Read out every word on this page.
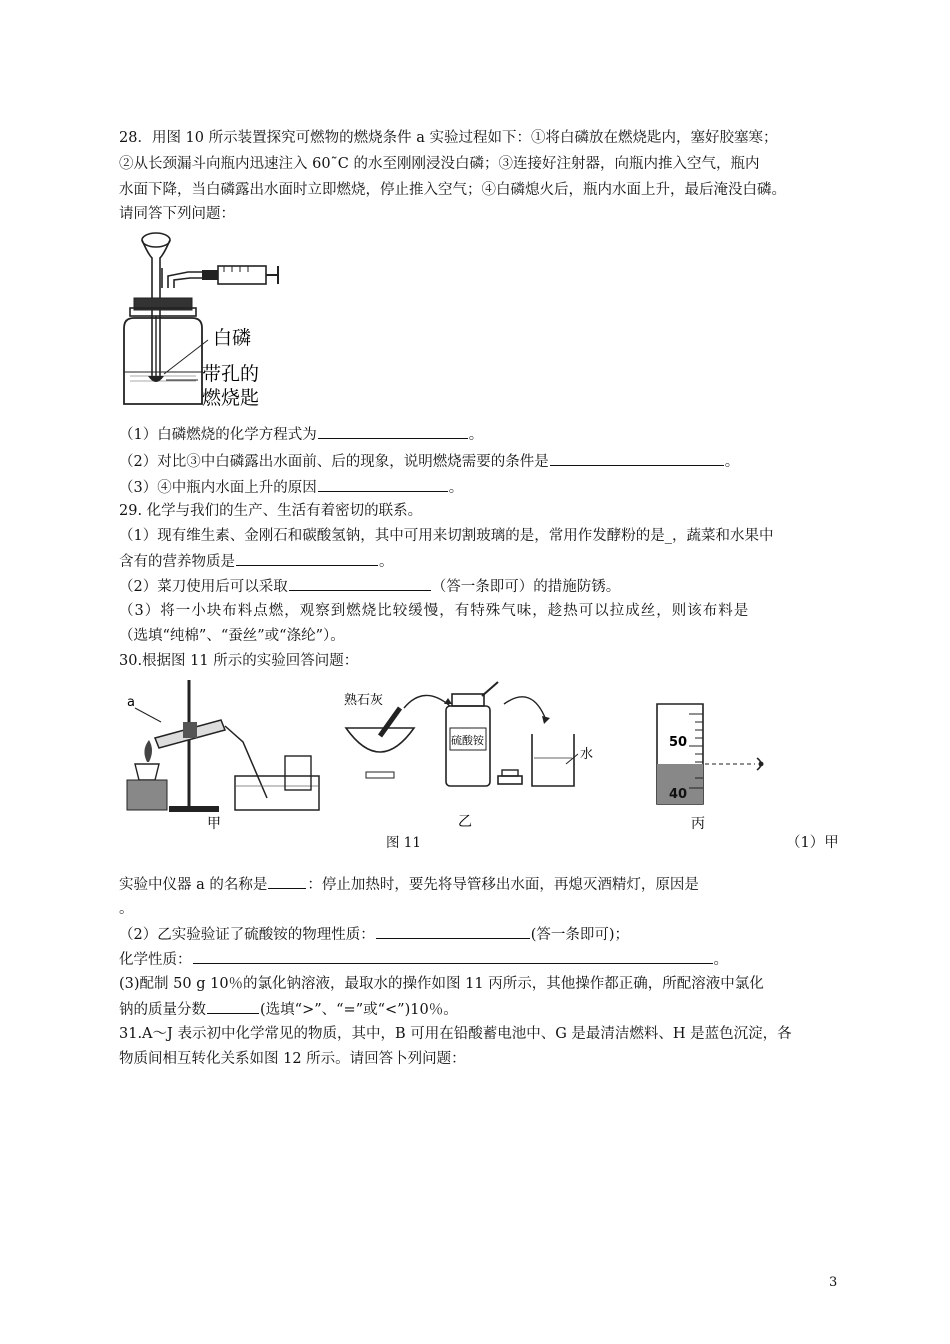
28．用图 10 所示装置探究可燃物的燃烧条件 a 实验过程如下：①将白磷放在燃烧匙内，塞好胶塞寒；
②从长颈漏斗向瓶内迅速注入 60˜C 的水至刚刚浸没白磷；③连接好注射器，向瓶内推入空气，瓶内
水面下降，当白磷露出水面时立即燃烧，停止推入空气；④白磷熄火后，瓶内水面上升，最后淹没白磷。
请同答下列问题：
白磷
带孔的
燃烧匙
（1）白磷燃烧的化学方程式为	。
（2）对比③中白磷露出水面前、后的现象，说明燃烧需要的条件是	。
（3）④中瓶内水面上升的原因	。
29. 化学与我们的生产、生活有着密切的联系。
（1）现有维生素、金刚石和碳酸氢钠，其中可用来切割玻璃的是，常用作发酵粉的是_，蔬菜和水果中
含有的营养物质是	。
（2）菜刀使用后可以采取	（答一条即可）的措施防锈。
（3）将一小块布料点燃，观察到燃烧比较缓慢，有特殊气味，趁热可以拉成丝，则该布料是
（选填“纯棉”、“蚕丝”或“涤纶”）。
30.根据图 11 所示的实验回答问题：
a
甲
熟石灰
硫酸铵
水
乙
图 11
50
40
丙
（1）甲
实验中仪器 a 的名称是	：停止加热时，要先将导管移出水面，再熄灭酒精灯，原因是
。
（2）乙实验验证了硫酸铵的物理性质：	(答一条即可)；
化学性质：	。
(3)配制 50 g 10％的氯化钠溶液，最取水的操作如图 11 丙所示，其他操作都正确，所配溶液中氯化
钠的质量分数	(选填“>”、“=”或“<”)10％。
31.A～J 表示初中化学常见的物质，其中，B 可用在铅酸蓄电池中、G 是最清洁燃料、H 是蓝色沉淀，各
物质间相互转化关系如图 12 所示。请回答卜列问题：
3
